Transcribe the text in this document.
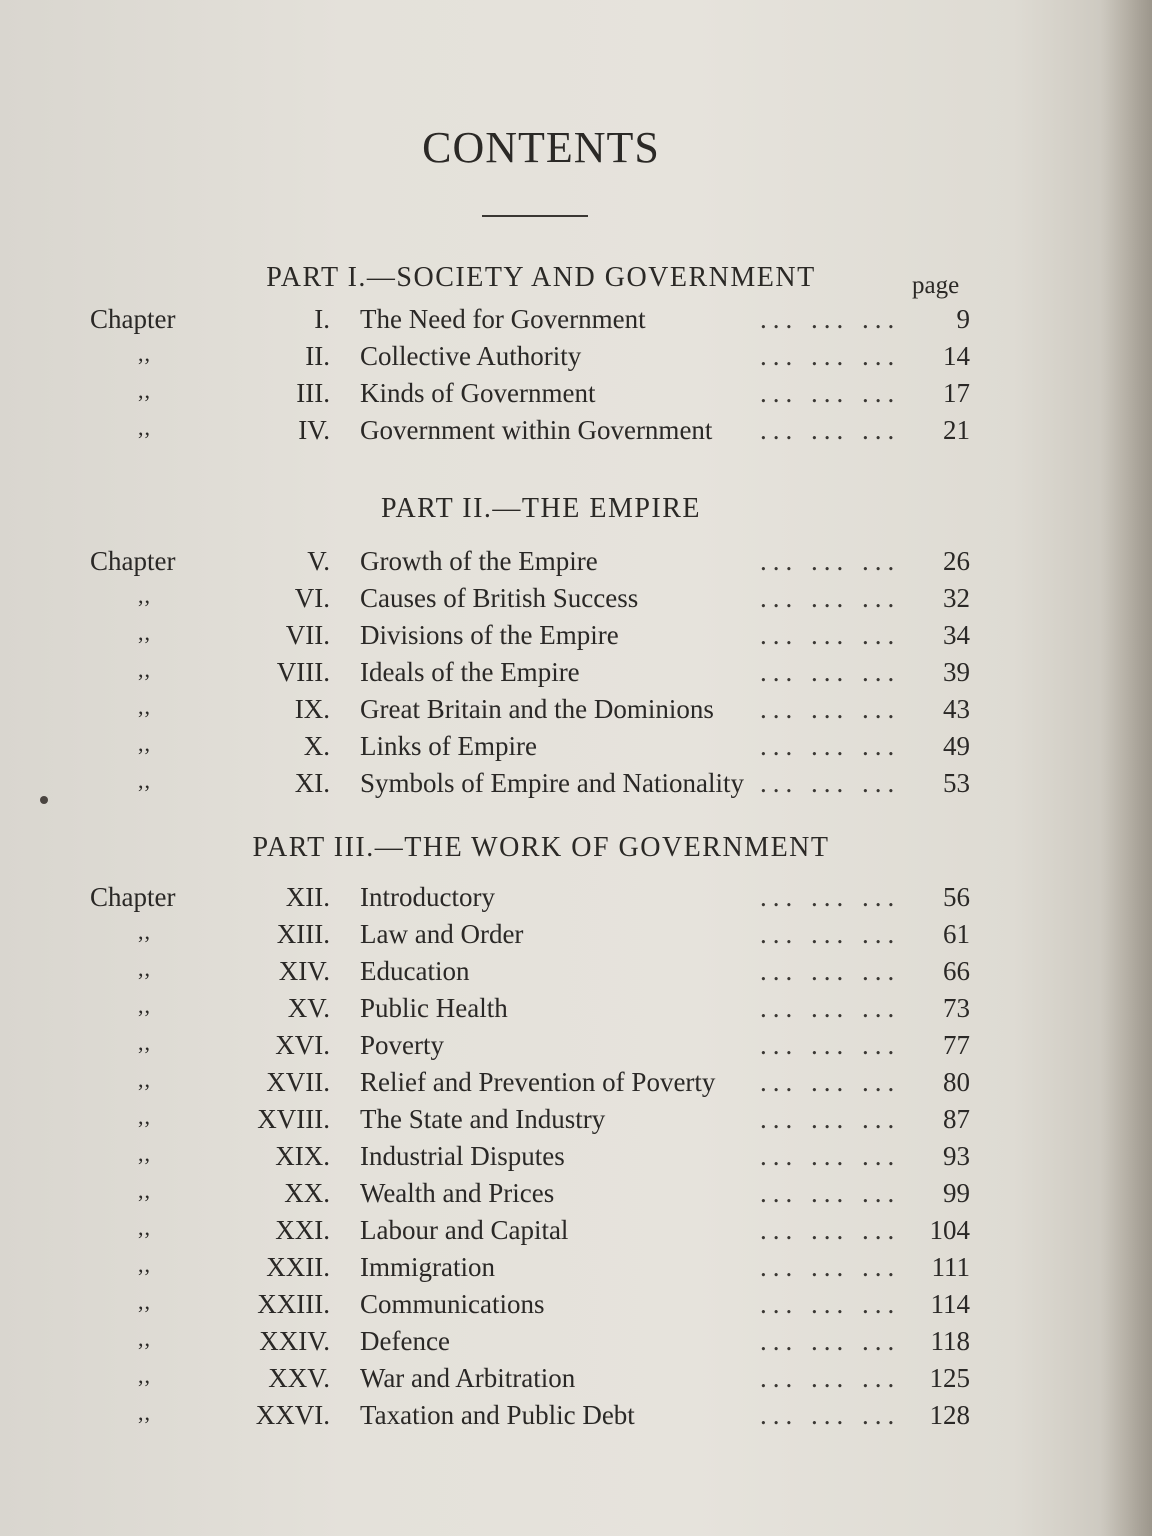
CONTENTS
page
PART I.—SOCIETY AND GOVERNMENT
Chapter	I. The Need for Government	... ... ... 9
,,	II. Collective Authority	... ... ... 14
,,	III. Kinds of Government	... ... ... 17
,,	IV. Government within Government ... ... ... 21
PART II.—THE EMPIRE
Chapter	V. Growth of the Empire	... ... ... 26
,,	VI. Causes of British Success	... ... ... 32
,,	VII. Divisions of the Empire	... ... ... 34
,,	VIII. Ideals of the Empire	... ... ... 39
,,	IX. Great Britain and the Dominions ... ... ... 43
,,	X. Links of Empire	... ... ... 49
,,	XI. Symbols of Empire and Nationality ... ... ... 53
PART III.—THE WORK OF GOVERNMENT
Chapter	XII. Introductory	... ... ... 56
,,	XIII. Law and Order	... ... ... 61
,,	XIV. Education	... ... ... 66
,,	XV. Public Health	... ... ... 73
,,	XVI. Poverty	... ... ... 77
,,	XVII. Relief and Prevention of Poverty ... ... ... 80
,,	XVIII. The State and Industry	... ... ... 87
,,	XIX. Industrial Disputes	... ... ... 93
,,	XX. Wealth and Prices	... ... ... 99
,,	XXI. Labour and Capital	... ... ... 104
,,	XXII. Immigration	... ... ... 111
,,	XXIII. Communications	... ... ... 114
,,	XXIV. Defence	... ... ... 118
,,	XXV. War and Arbitration	... ... ... 125
,,	XXVI. Taxation and Public Debt	... ... ... 128
